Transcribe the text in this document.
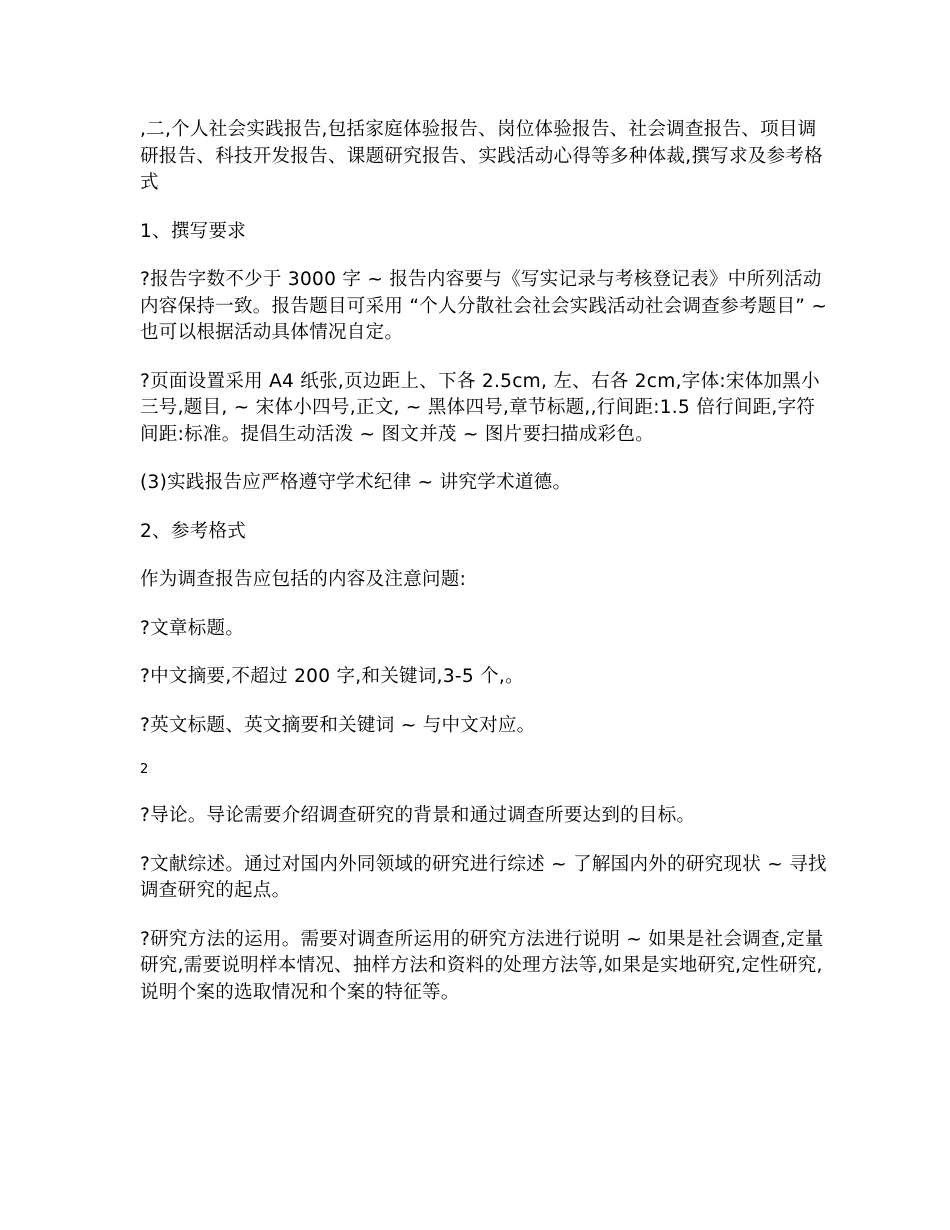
,二,个人社会实践报告,包括家庭体验报告、岗位体验报告、社会调查报告、项目调研报告、科技开发报告、课题研究报告、实践活动心得等多种体裁,撰写求及参考格式

1、撰写要求

?报告字数不少于 3000 字 ~ 报告内容要与《写实记录与考核登记表》中所列活动内容保持一致。报告题目可采用 “个人分散社会社会实践活动社会调查参考题目” ~ 也可以根据活动具体情况自定。

?页面设置采用 A4 纸张,页边距上、下各 2.5cm, 左、右各 2cm,字体:宋体加黑小三号,题目, ~ 宋体小四号,正文, ~ 黑体四号,章节标题,,行间距:1.5 倍行间距,字符间距:标准。提倡生动活泼 ~ 图文并茂 ~ 图片要扫描成彩色。

(3)实践报告应严格遵守学术纪律 ~ 讲究学术道德。

2、参考格式

作为调查报告应包括的内容及注意问题:

?文章标题。

?中文摘要,不超过 200 字,和关键词,3-5 个,。

?英文标题、英文摘要和关键词 ~ 与中文对应。

2

?导论。导论需要介绍调查研究的背景和通过调查所要达到的目标。

?文献综述。通过对国内外同领域的研究进行综述 ~ 了解国内外的研究现状 ~ 寻找调查研究的起点。

?研究方法的运用。需要对调查所运用的研究方法进行说明 ~ 如果是社会调查,定量研究,需要说明样本情况、抽样方法和资料的处理方法等,如果是实地研究,定性研究,说明个案的选取情况和个案的特征等。
